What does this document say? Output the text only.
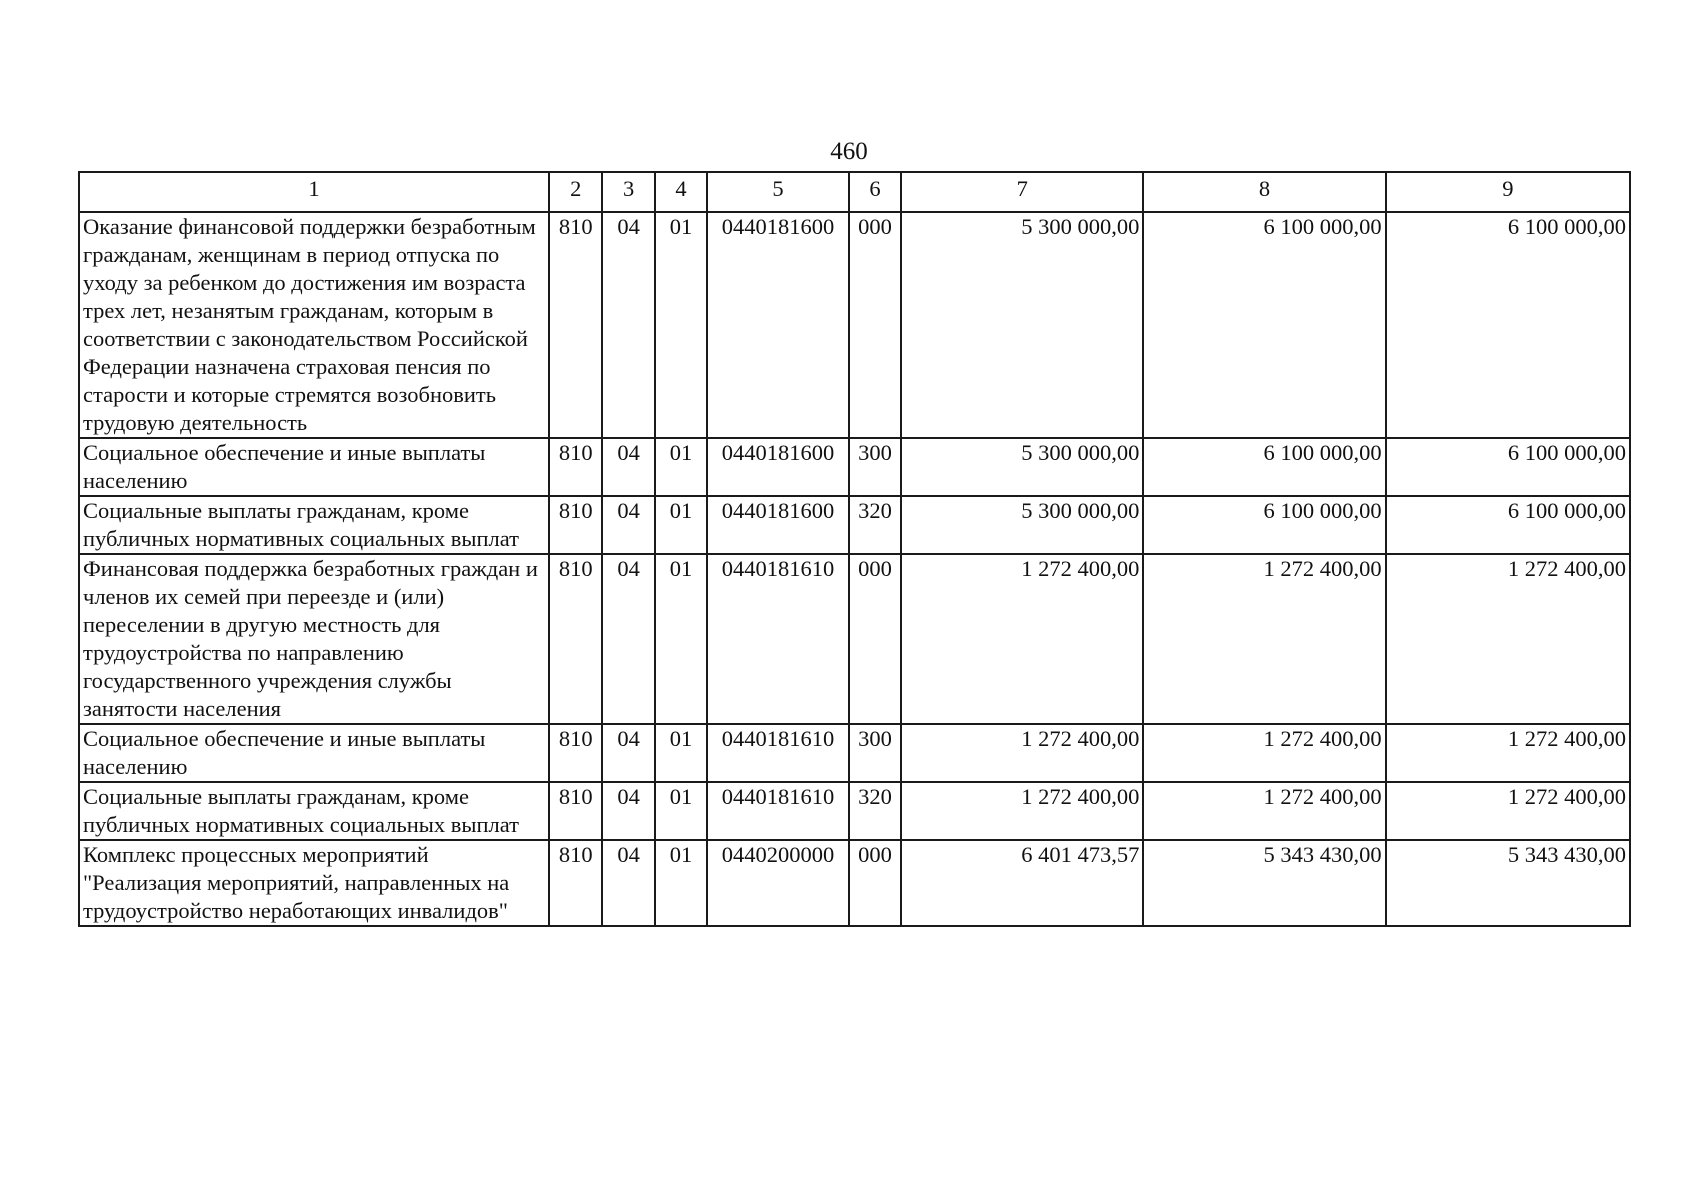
460
1	2	3	4	5	6	7	8	9
Оказание финансовой поддержки безработным гражданам, женщинам в период отпуска по уходу за ребенком до достижения им возраста трех лет, незанятым гражданам, которым в соответствии с законодательством Российской Федерации назначена страховая пенсия по старости и которые стремятся возобновить трудовую деятельность	810	04	01	0440181600	000	5 300 000,00	6 100 000,00	6 100 000,00
Социальное обеспечение и иные выплаты населению	810	04	01	0440181600	300	5 300 000,00	6 100 000,00	6 100 000,00
Социальные выплаты гражданам, кроме публичных нормативных социальных выплат	810	04	01	0440181600	320	5 300 000,00	6 100 000,00	6 100 000,00
Финансовая поддержка безработных граждан и членов их семей при переезде и (или) переселении в другую местность для трудоустройства по направлению государственного учреждения службы занятости населения	810	04	01	0440181610	000	1 272 400,00	1 272 400,00	1 272 400,00
Социальное обеспечение и иные выплаты населению	810	04	01	0440181610	300	1 272 400,00	1 272 400,00	1 272 400,00
Социальные выплаты гражданам, кроме публичных нормативных социальных выплат	810	04	01	0440181610	320	1 272 400,00	1 272 400,00	1 272 400,00
Комплекс процессных мероприятий "Реализация мероприятий, направленных на трудоустройство неработающих инвалидов"	810	04	01	0440200000	000	6 401 473,57	5 343 430,00	5 343 430,00
